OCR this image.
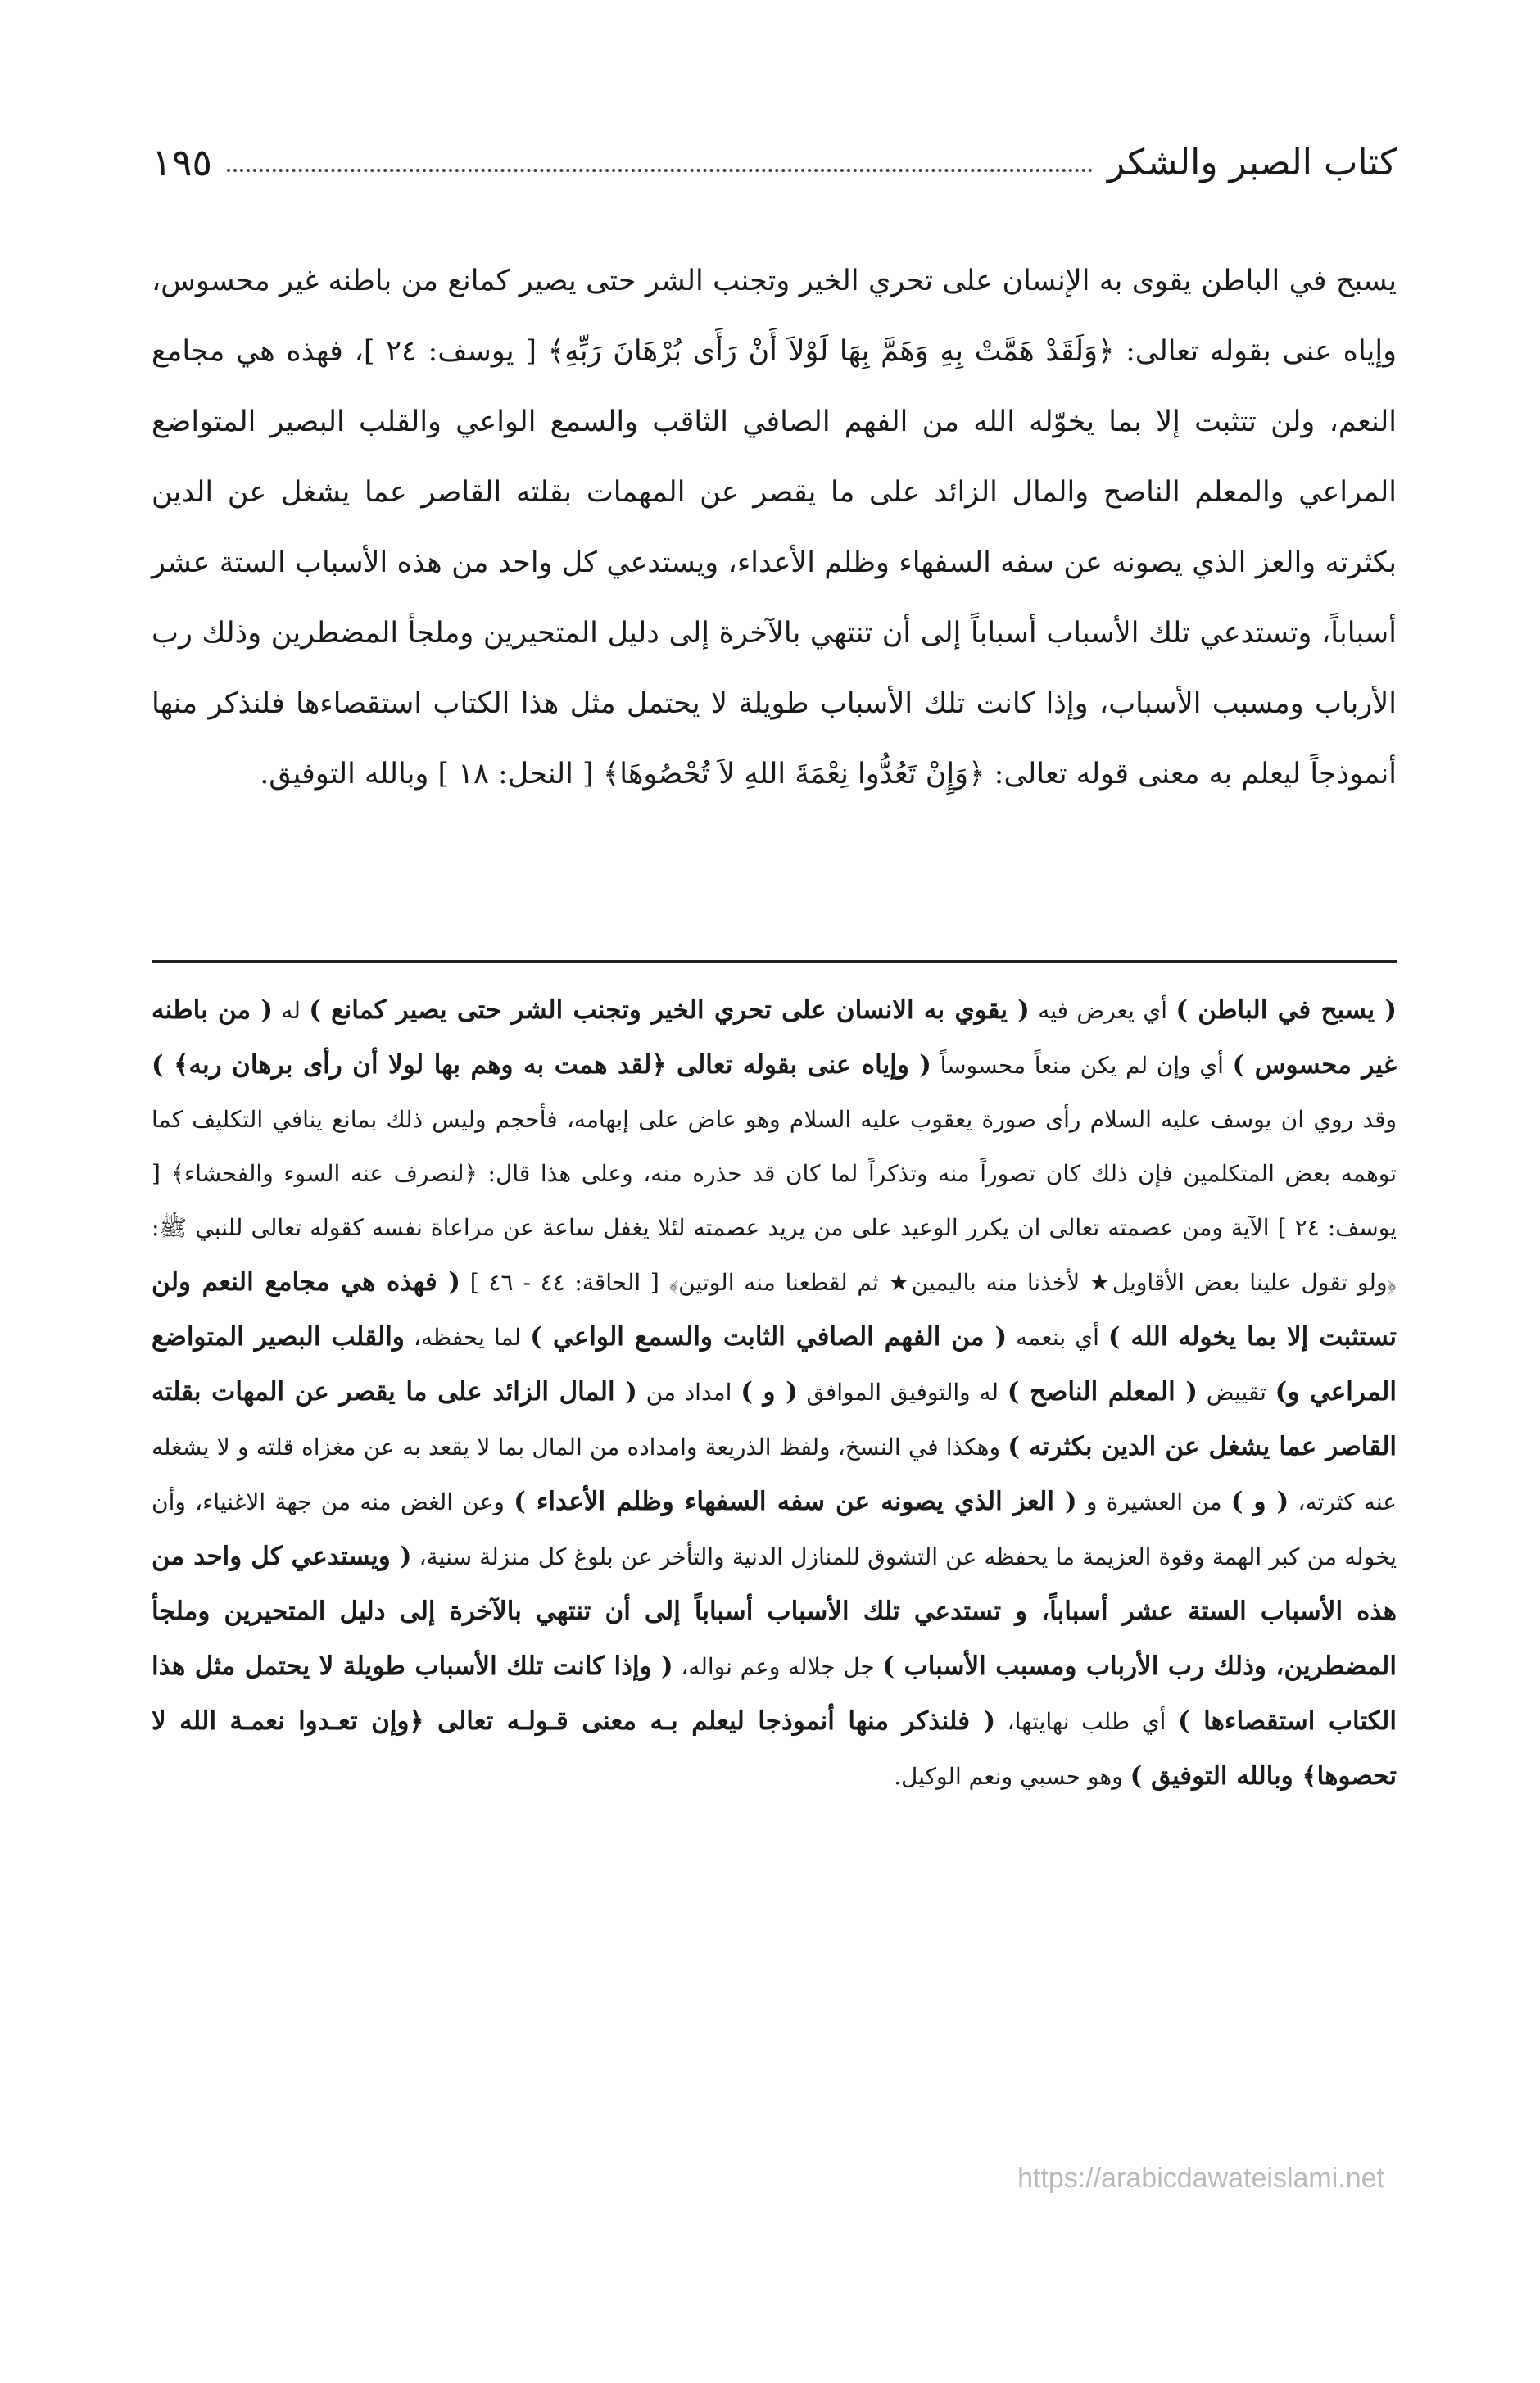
كتاب الصبر والشكر
١٩٥

يسبح في الباطن يقوى به الإنسان على تحري الخير وتجنب الشر حتى يصير كمانع من باطنه غير محسوس، وإياه عنى بقوله تعالى: ﴿وَلَقَدْ هَمَّتْ بِهِ وَهَمَّ بِهَا لَوْلاَ أَنْ رَأَى بُرْهَانَ رَبِّهِ﴾ [ يوسف: ٢٤ ]، فهذه هي مجامع النعم، ولن تتثبت إلا بما يخوّله الله من الفهم الصافي الثاقب والسمع الواعي والقلب البصير المتواضع المراعي والمعلم الناصح والمال الزائد على ما يقصر عن المهمات بقلته القاصر عما يشغل عن الدين بكثرته والعز الذي يصونه عن سفه السفهاء وظلم الأعداء، ويستدعي كل واحد من هذه الأسباب الستة عشر أسباباً، وتستدعي تلك الأسباب أسباباً إلى أن تنتهي بالآخرة إلى دليل المتحيرين وملجأ المضطرين وذلك رب الأرباب ومسبب الأسباب، وإذا كانت تلك الأسباب طويلة لا يحتمل مثل هذا الكتاب استقصاءها فلنذكر منها أنموذجاً ليعلم به معنى قوله تعالى: ﴿وَإِنْ تَعُدُّوا نِعْمَةَ اللهِ لاَ تُحْصُوهَا﴾ [ النحل: ١٨ ] وبالله التوفيق.

( يسبح في الباطن ) أي يعرض فيه ( يقوي به الانسان على تحري الخير وتجنب الشر حتى يصير كمانع ) له ( من باطنه غير محسوس ) أي وإن لم يكن منعاً محسوساً ( وإياه عنى بقوله تعالى ﴿لقد همت به وهم بها لولا أن رأى برهان ربه﴾ ) وقد روي ان يوسف عليه السلام رأى صورة يعقوب عليه السلام وهو عاض على إبهامه، فأحجم وليس ذلك بمانع ينافي التكليف كما توهمه بعض المتكلمين فإن ذلك كان تصوراً منه وتذكراً لما كان قد حذره منه، وعلى هذا قال: ﴿لنصرف عنه السوء والفحشاء﴾ [ يوسف: ٢٤ ] الآية ومن عصمته تعالى ان يكرر الوعيد على من يريد عصمته لئلا يغفل ساعة عن مراعاة نفسه كقوله تعالى للنبي ﷺ: ﴿ولو تقول علينا بعض الأقاويل★ لأخذنا منه باليمين★ ثم لقطعنا منه الوتين﴾ [ الحاقة: ٤٤ - ٤٦ ] ( فهذه هي مجامع النعم ولن تستثبت إلا بما يخوله الله ) أي بنعمه ( من الفهم الصافي الثابت والسمع الواعي ) لما يحفظه، والقلب البصير المتواضع المراعي و) تقييض ( المعلم الناصح ) له والتوفيق الموافق ( و ) امداد من ( المال الزائد على ما يقصر عن المهات بقلته القاصر عما يشغل عن الدين بكثرته ) وهكذا في النسخ، ولفظ الذريعة وامداده من المال بما لا يقعد به عن مغزاه قلته و لا يشغله عنه كثرته، ( و ) من العشيرة و ( العز الذي يصونه عن سفه السفهاء وظلم الأعداء ) وعن الغض منه من جهة الاغنياء، وأن يخوله من كبر الهمة وقوة العزيمة ما يحفظه عن التشوق للمنازل الدنية والتأخر عن بلوغ كل منزلة سنية، ( ويستدعي كل واحد من هذه الأسباب الستة عشر أسباباً، و تستدعي تلك الأسباب أسباباً إلى أن تنتهي بالآخرة إلى دليل المتحيرين وملجأ المضطرين، وذلك رب الأرباب ومسبب الأسباب ) جل جلاله وعم نواله، ( وإذا كانت تلك الأسباب طويلة لا يحتمل مثل هذا الكتاب استقصاءها ) أي طلب نهايتها، ( فلنذكر منها أنموذجا ليعلم بـه معنى قـولـه تعالى ﴿وإن تعـدوا نعمـة الله لا تحصوها﴾ وبالله التوفيق ) وهو حسبي ونعم الوكيل.

https://arabicdawateislami.net
